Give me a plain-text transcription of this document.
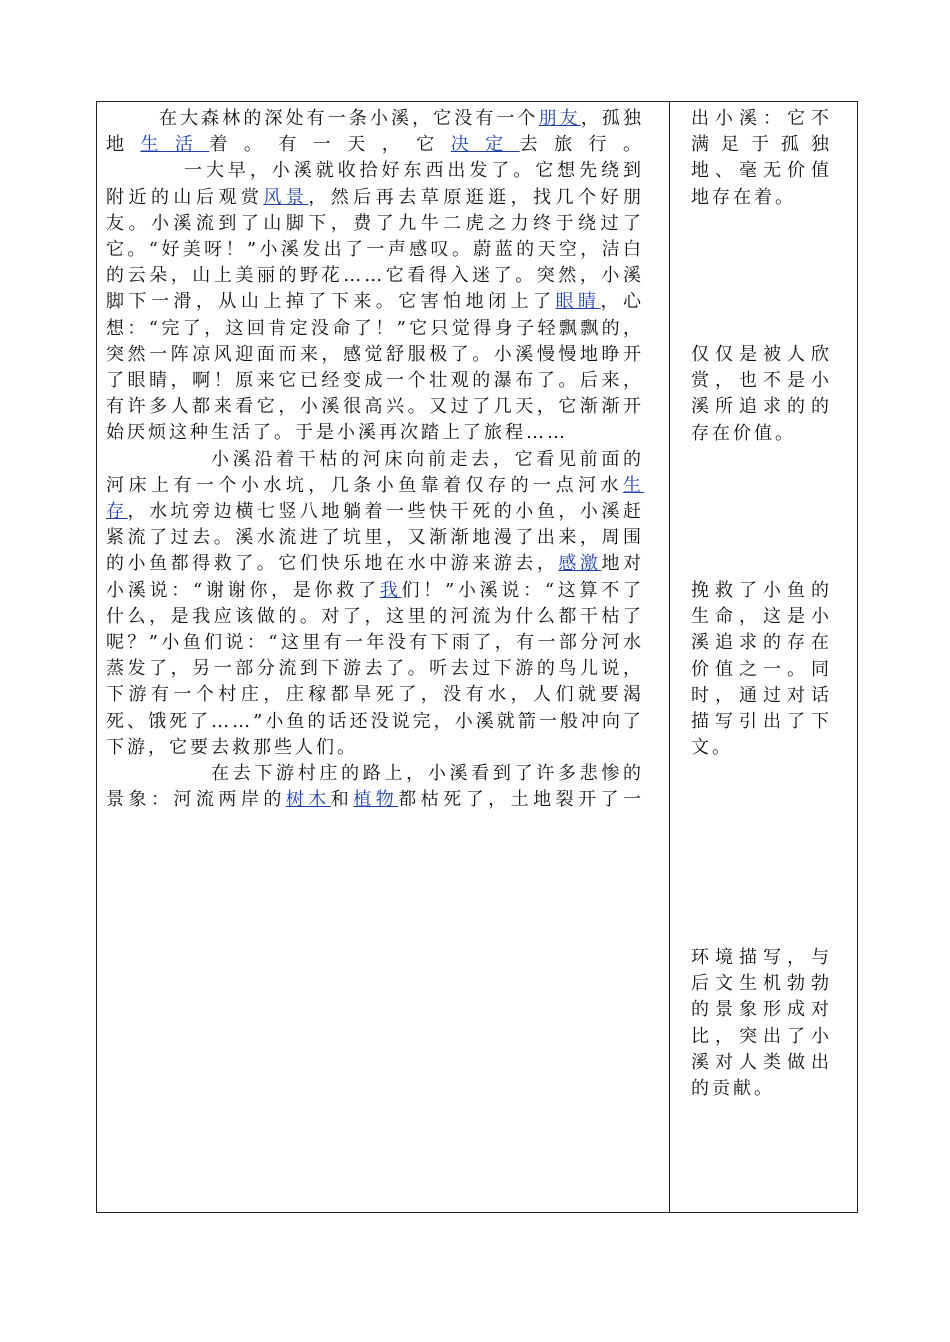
在大森林的深处有一条小溪，它没有一个朋友，孤独地生活着。有一天，它决定去旅行。

一大早，小溪就收拾好东西出发了。它想先绕到附近的山后观赏风景，然后再去草原逛逛，找几个好朋友。小溪流到了山脚下，费了九牛二虎之力终于绕过了它。“好美呀！”小溪发出了一声感叹。蔚蓝的天空，洁白的云朵，山上美丽的野花……它看得入迷了。突然，小溪脚下一滑，从山上掉了下来。它害怕地闭上了眼睛，心想：“完了，这回肯定没命了！”它只觉得身子轻飘飘的，突然一阵凉风迎面而来，感觉舒服极了。小溪慢慢地睁开了眼睛，啊！原来它已经变成一个壮观的瀑布了。后来，有许多人都来看它，小溪很高兴。又过了几天，它渐渐开始厌烦这种生活了。于是小溪再次踏上了旅程……

小溪沿着干枯的河床向前走去，它看见前面的河床上有一个小水坑，几条小鱼靠着仅存的一点河水生存，水坑旁边横七竖八地躺着一些快干死的小鱼，小溪赶紧流了过去。溪水流进了坑里，又渐渐地漫了出来，周围的小鱼都得救了。它们快乐地在水中游来游去，感激地对小溪说：“谢谢你，是你救了我们！”小溪说：“这算不了什么，是我应该做的。对了，这里的河流为什么都干枯了呢？”小鱼们说：“这里有一年没有下雨了，有一部分河水蒸发了，另一部分流到下游去了。听去过下游的鸟儿说，下游有一个村庄，庄稼都旱死了，没有水，人们就要渴死、饿死了……”小鱼的话还没说完，小溪就箭一般冲向了下游，它要去救那些人们。

在去下游村庄的路上，小溪看到了许多悲惨的景象：河流两岸的树木和植物都枯死了，土地裂开了一

出小溪：它不满足于孤独地、毫无价值地存在着。

仅仅是被人欣赏，也不是小溪所追求的的存在价值。

挽救了小鱼的生命，这是小溪追求的存在价值之一。同时，通过对话描写引出了下文。

环境描写，与后文生机勃勃的景象形成对比，突出了小溪对人类做出的贡献。
